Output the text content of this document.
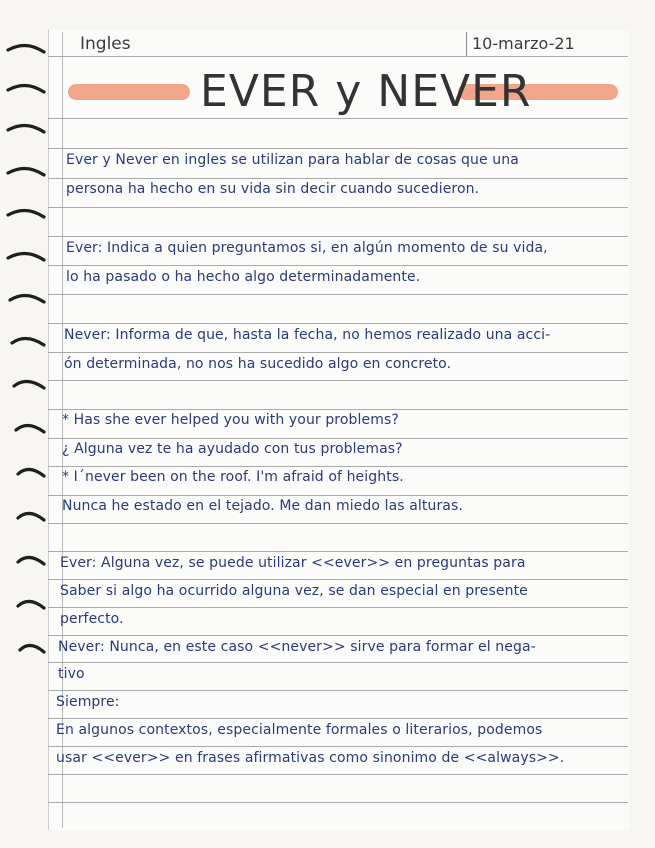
Ingles	10-marzo-21
EVER y NEVER
Ever y Never en ingles se utilizan para hablar de cosas que una
persona ha hecho en su vida sin decir cuando sucedieron.
Ever: Indica a quien preguntamos si, en algún momento de su vida,
lo ha pasado o ha hecho algo determinadamente.
Never: Informa de que, hasta la fecha, no hemos realizado una acci-
ón determinada, no nos ha sucedido algo en concreto.
* Has she ever helped you with your problems?
¿ Alguna vez te ha ayudado con tus problemas?
* I´never been on the roof. I'm afraid of heights.
Nunca he estado en el tejado. Me dan miedo las alturas.
Ever: Alguna vez, se puede utilizar <<ever>> en preguntas para
Saber si algo ha ocurrido alguna vez, se dan especial en presente
perfecto.
Never: Nunca, en este caso <<never>> sirve para formar el nega-
tivo
Siempre:
En algunos contextos, especialmente formales o literarios, podemos
usar <<ever>> en frases afirmativas como sinonimo de <<always>>.
